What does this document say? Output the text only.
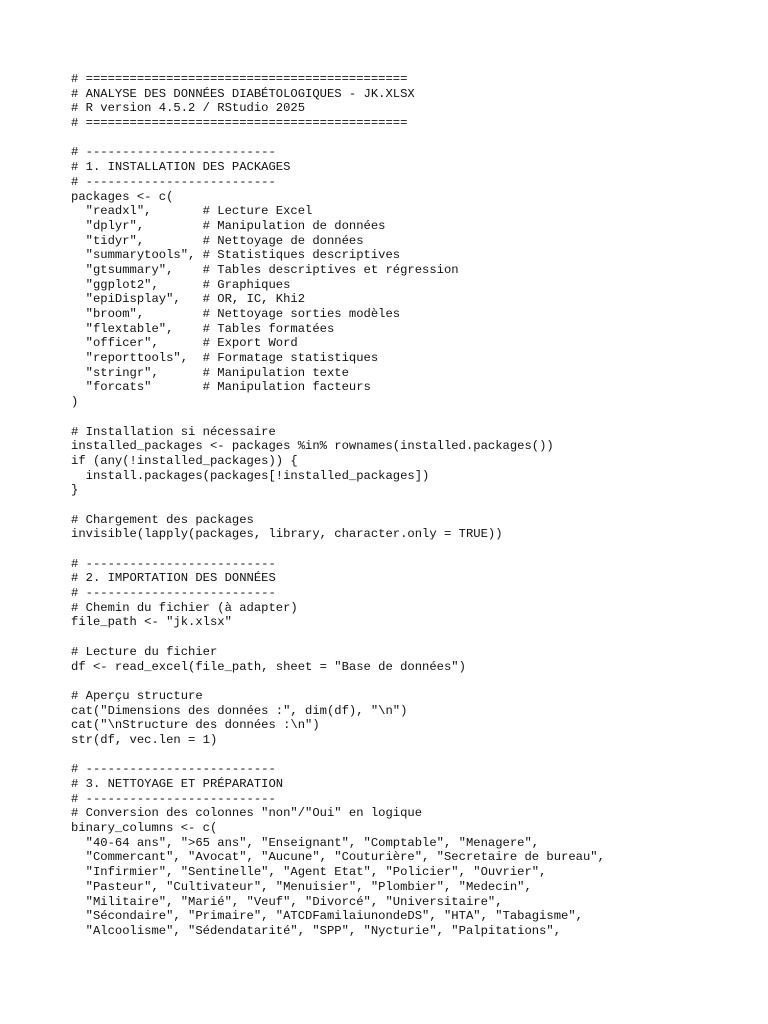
# ============================================
# ANALYSE DES DONNÉES DIABÉTOLOGIQUES - JK.XLSX
# R version 4.5.2 / RStudio 2025
# ============================================
# --------------------------
# 1. INSTALLATION DES PACKAGES
# --------------------------
packages <- c(
"readxl",       # Lecture Excel
"dplyr",        # Manipulation de données
"tidyr",        # Nettoyage de données
"summarytools", # Statistiques descriptives
"gtsummary",    # Tables descriptives et régression
"ggplot2",      # Graphiques
"epiDisplay",   # OR, IC, Khi2
"broom",        # Nettoyage sorties modèles
"flextable",    # Tables formatées
"officer",      # Export Word
"reporttools",  # Formatage statistiques
"stringr",      # Manipulation texte
"forcats"       # Manipulation facteurs
)
# Installation si nécessaire
installed_packages <- packages %in% rownames(installed.packages())
if (any(!installed_packages)) {
install.packages(packages[!installed_packages])
}
# Chargement des packages
invisible(lapply(packages, library, character.only = TRUE))
# --------------------------
# 2. IMPORTATION DES DONNÉES
# --------------------------
# Chemin du fichier (à adapter)
file_path <- "jk.xlsx"
# Lecture du fichier
df <- read_excel(file_path, sheet = "Base de données")
# Aperçu structure
cat("Dimensions des données :", dim(df), "\n")
cat("\nStructure des données :\n")
str(df, vec.len = 1)
# --------------------------
# 3. NETTOYAGE ET PRÉPARATION
# --------------------------
# Conversion des colonnes "non"/"Oui" en logique
binary_columns <- c(
"40-64 ans", ">65 ans", "Enseignant", "Comptable", "Menagere",
"Commercant", "Avocat", "Aucune", "Couturière", "Secretaire de bureau",
"Infirmier", "Sentinelle", "Agent Etat", "Policier", "Ouvrier",
"Pasteur", "Cultivateur", "Menuisier", "Plombier", "Medecin",
"Militaire", "Marié", "Veuf", "Divorcé", "Universitaire",
"Sécondaire", "Primaire", "ATCDFamilaiunondeDS", "HTA", "Tabagisme",
"Alcoolisme", "Sédendatarité", "SPP", "Nycturie", "Palpitations",
